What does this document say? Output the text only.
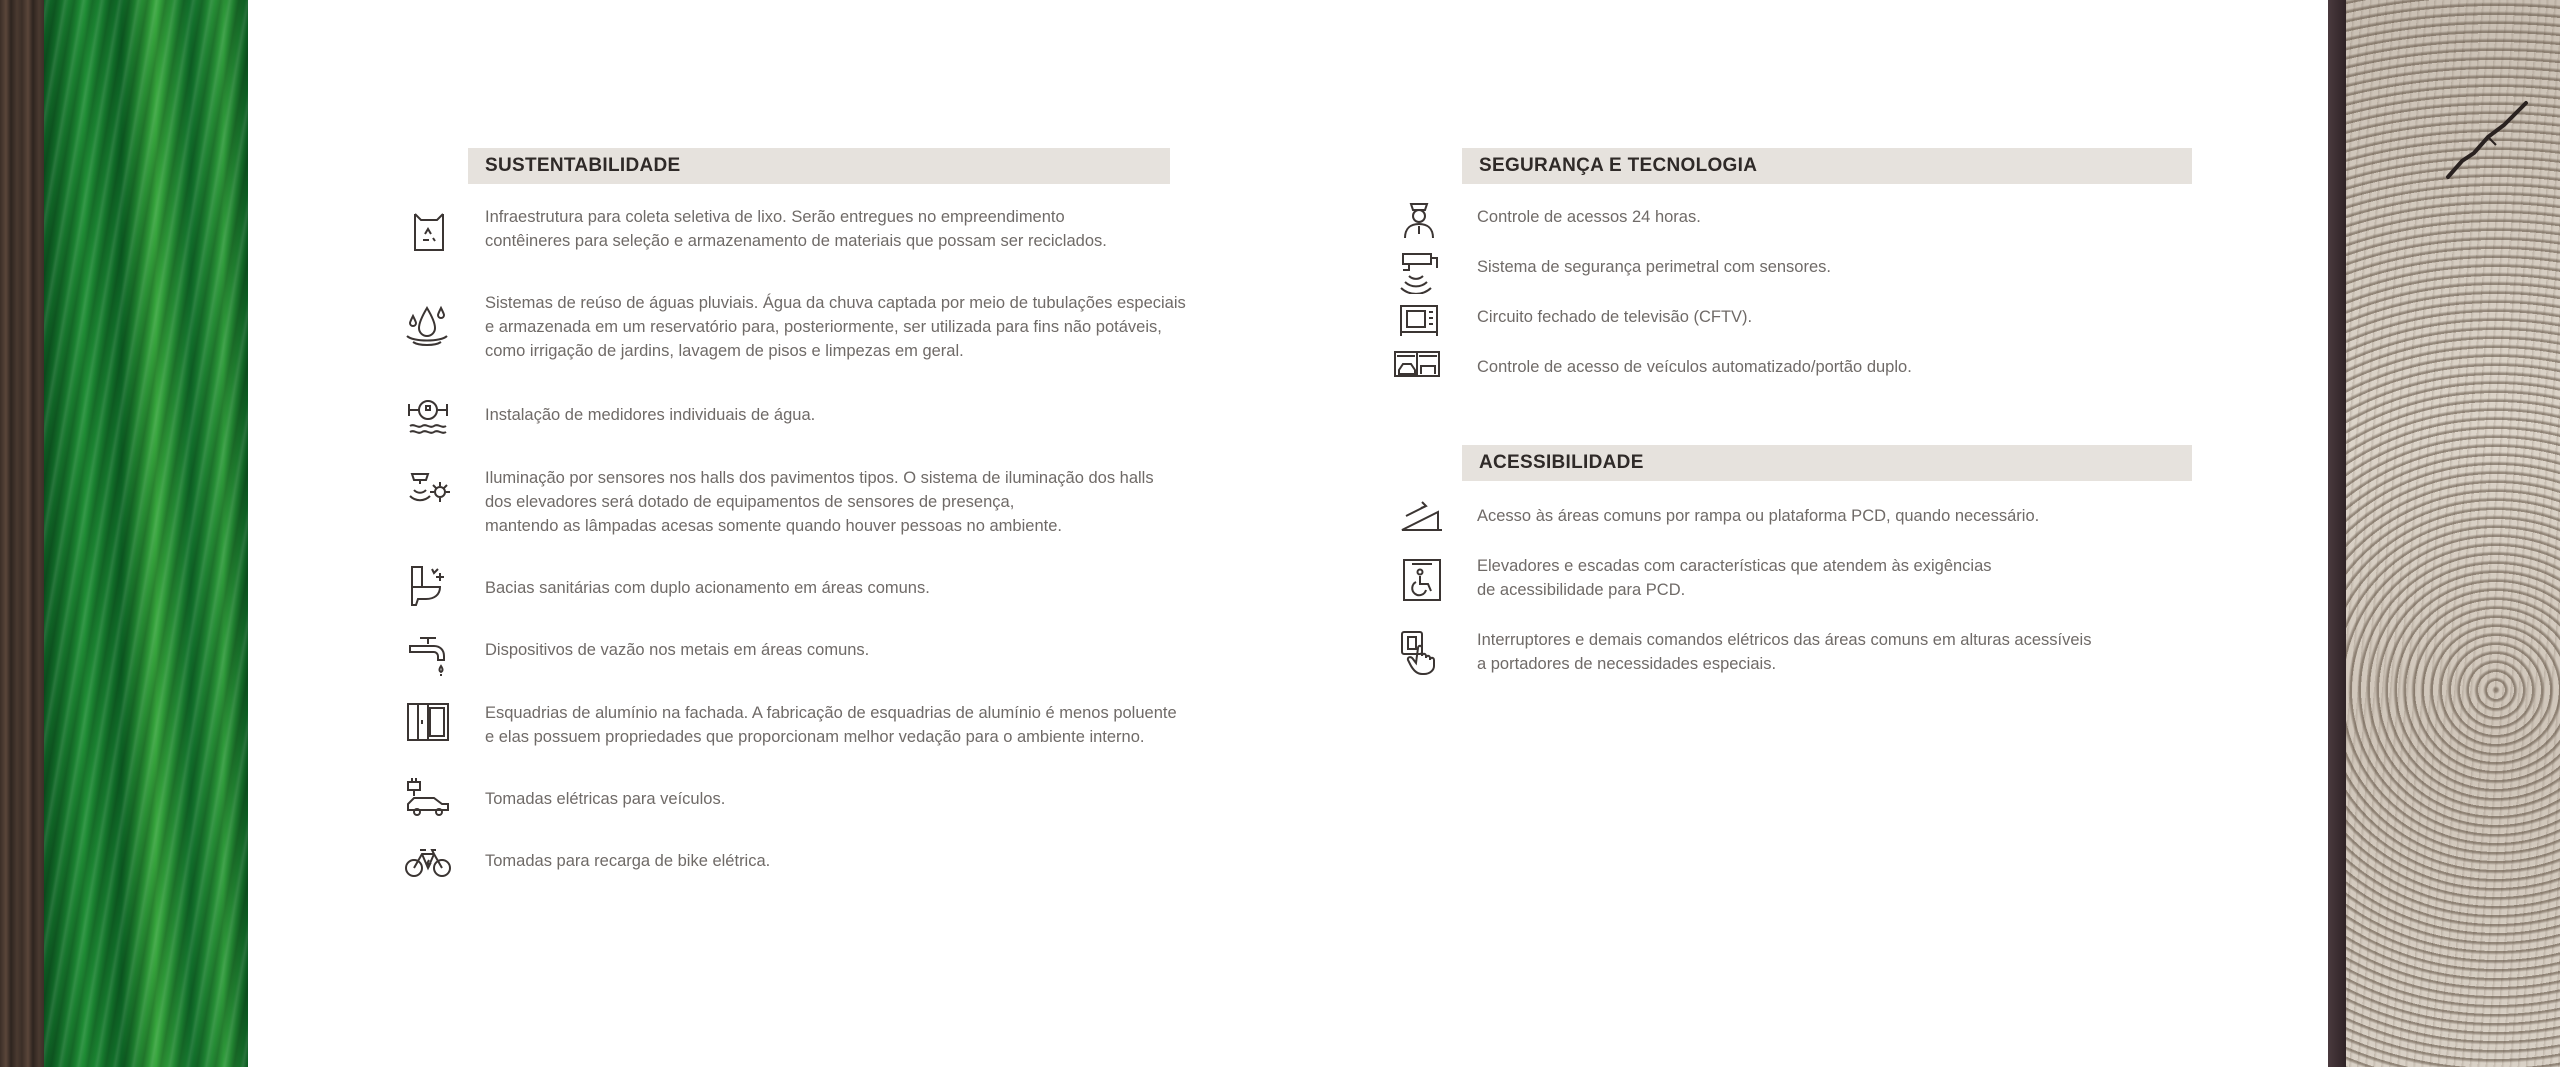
SUSTENTABILIDADE
Infraestrutura para coleta seletiva de lixo. Serão entregues no empreendimento
contêineres para seleção e armazenamento de materiais que possam ser reciclados.
Sistemas de reúso de águas pluviais. Água da chuva captada por meio de tubulações especiais
e armazenada em um reservatório para, posteriormente, ser utilizada para fins não potáveis,
como irrigação de jardins, lavagem de pisos e limpezas em geral.
Instalação de medidores individuais de água.
Iluminação por sensores nos halls dos pavimentos tipos. O sistema de iluminação dos halls
dos elevadores será dotado de equipamentos de sensores de presença,
mantendo as lâmpadas acesas somente quando houver pessoas no ambiente.
Bacias sanitárias com duplo acionamento em áreas comuns.
Dispositivos de vazão nos metais em áreas comuns.
Esquadrias de alumínio na fachada. A fabricação de esquadrias de alumínio é menos poluente
e elas possuem propriedades que proporcionam melhor vedação para o ambiente interno.
Tomadas elétricas para veículos.
Tomadas para recarga de bike elétrica.
SEGURANÇA E TECNOLOGIA
Controle de acessos 24 horas.
Sistema de segurança perimetral com sensores.
Circuito fechado de televisão (CFTV).
Controle de acesso de veículos automatizado/portão duplo.
ACESSIBILIDADE
Acesso às áreas comuns por rampa ou plataforma PCD, quando necessário.
Elevadores e escadas com características que atendem às exigências
de acessibilidade para PCD.
Interruptores e demais comandos elétricos das áreas comuns em alturas acessíveis
a portadores de necessidades especiais.
